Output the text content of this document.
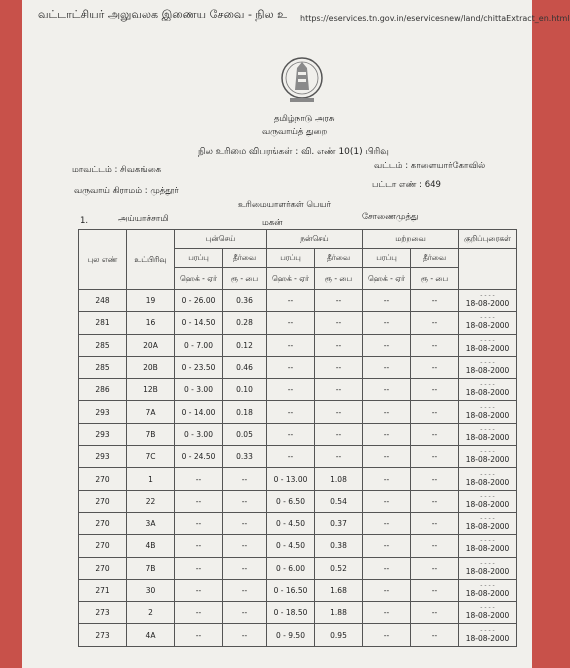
வட்டாட்சியர் அலுவலக இணைய சேவை - நில உ https://eservices.tn.gov.in/eservicesnew/land/chittaExtract_en.html
தமிழ்நாடு அரசு
வருவாய்த் துறை
நில உரிமை விபரங்கள் : வி. எண் 10(1) பிரிவு
மாவட்டம் : சிவகங்கை	வட்டம் : காளையார்கோவில்
வருவாய் கிராமம் : முத்தூர்
பட்டா எண் : 649
உரிமையாளர்கள் பெயர்
1.	அய்யாச்சாமி	மகன்
சோணைமுத்து
புல எண்	உட்பிரிவு	புன்செய்		நன்செய்		மற்றவை		குறிப்புரைகள்
		பரப்பு	தீர்வை	பரப்பு	தீர்வை	பரப்பு	தீர்வை	
		ஹெக் - ஏர்	ரூ - பை	ஹெக் - ஏர்	ரூ - பை	ஹெக் - ஏர்	ரூ - பை	
248	19	0 - 26.00	0.36	--	--	--	--	- - - -
18-08-2000
281	16	0 - 14.50	0.28	--	--	--	--	- - - -
18-08-2000
285	20A	0 - 7.00	0.12	--	--	--	--	- - - -
18-08-2000
285	20B	0 - 23.50	0.46	--	--	--	--	- - - -
18-08-2000
286	12B	0 - 3.00	0.10	--	--	--	--	- - - -
18-08-2000
293	7A	0 - 14.00	0.18	--	--	--	--	- - - -
18-08-2000
293	7B	0 - 3.00	0.05	--	--	--	--	- - - -
18-08-2000
293	7C	0 - 24.50	0.33	--	--	--	--	- - - -
18-08-2000
270	1	--	--	0 - 13.00	1.08	--	--	- - - -
18-08-2000
270	22	--	--	0 - 6.50	0.54	--	--	- - - -
18-08-2000
270	3A	--	--	0 - 4.50	0.37	--	--	- - - -
18-08-2000
270	4B	--	--	0 - 4.50	0.38	--	--	- - - -
18-08-2000
270	7B	--	--	0 - 6.00	0.52	--	--	- - - -
18-08-2000
271	30	--	--	0 - 16.50	1.68	--	--	- - - -
18-08-2000
273	2	--	--	0 - 18.50	1.88	--	--	- - - -
18-08-2000
273	4A	--	--	0 - 9.50	0.95	--	--	- - - -
18-08-2000
